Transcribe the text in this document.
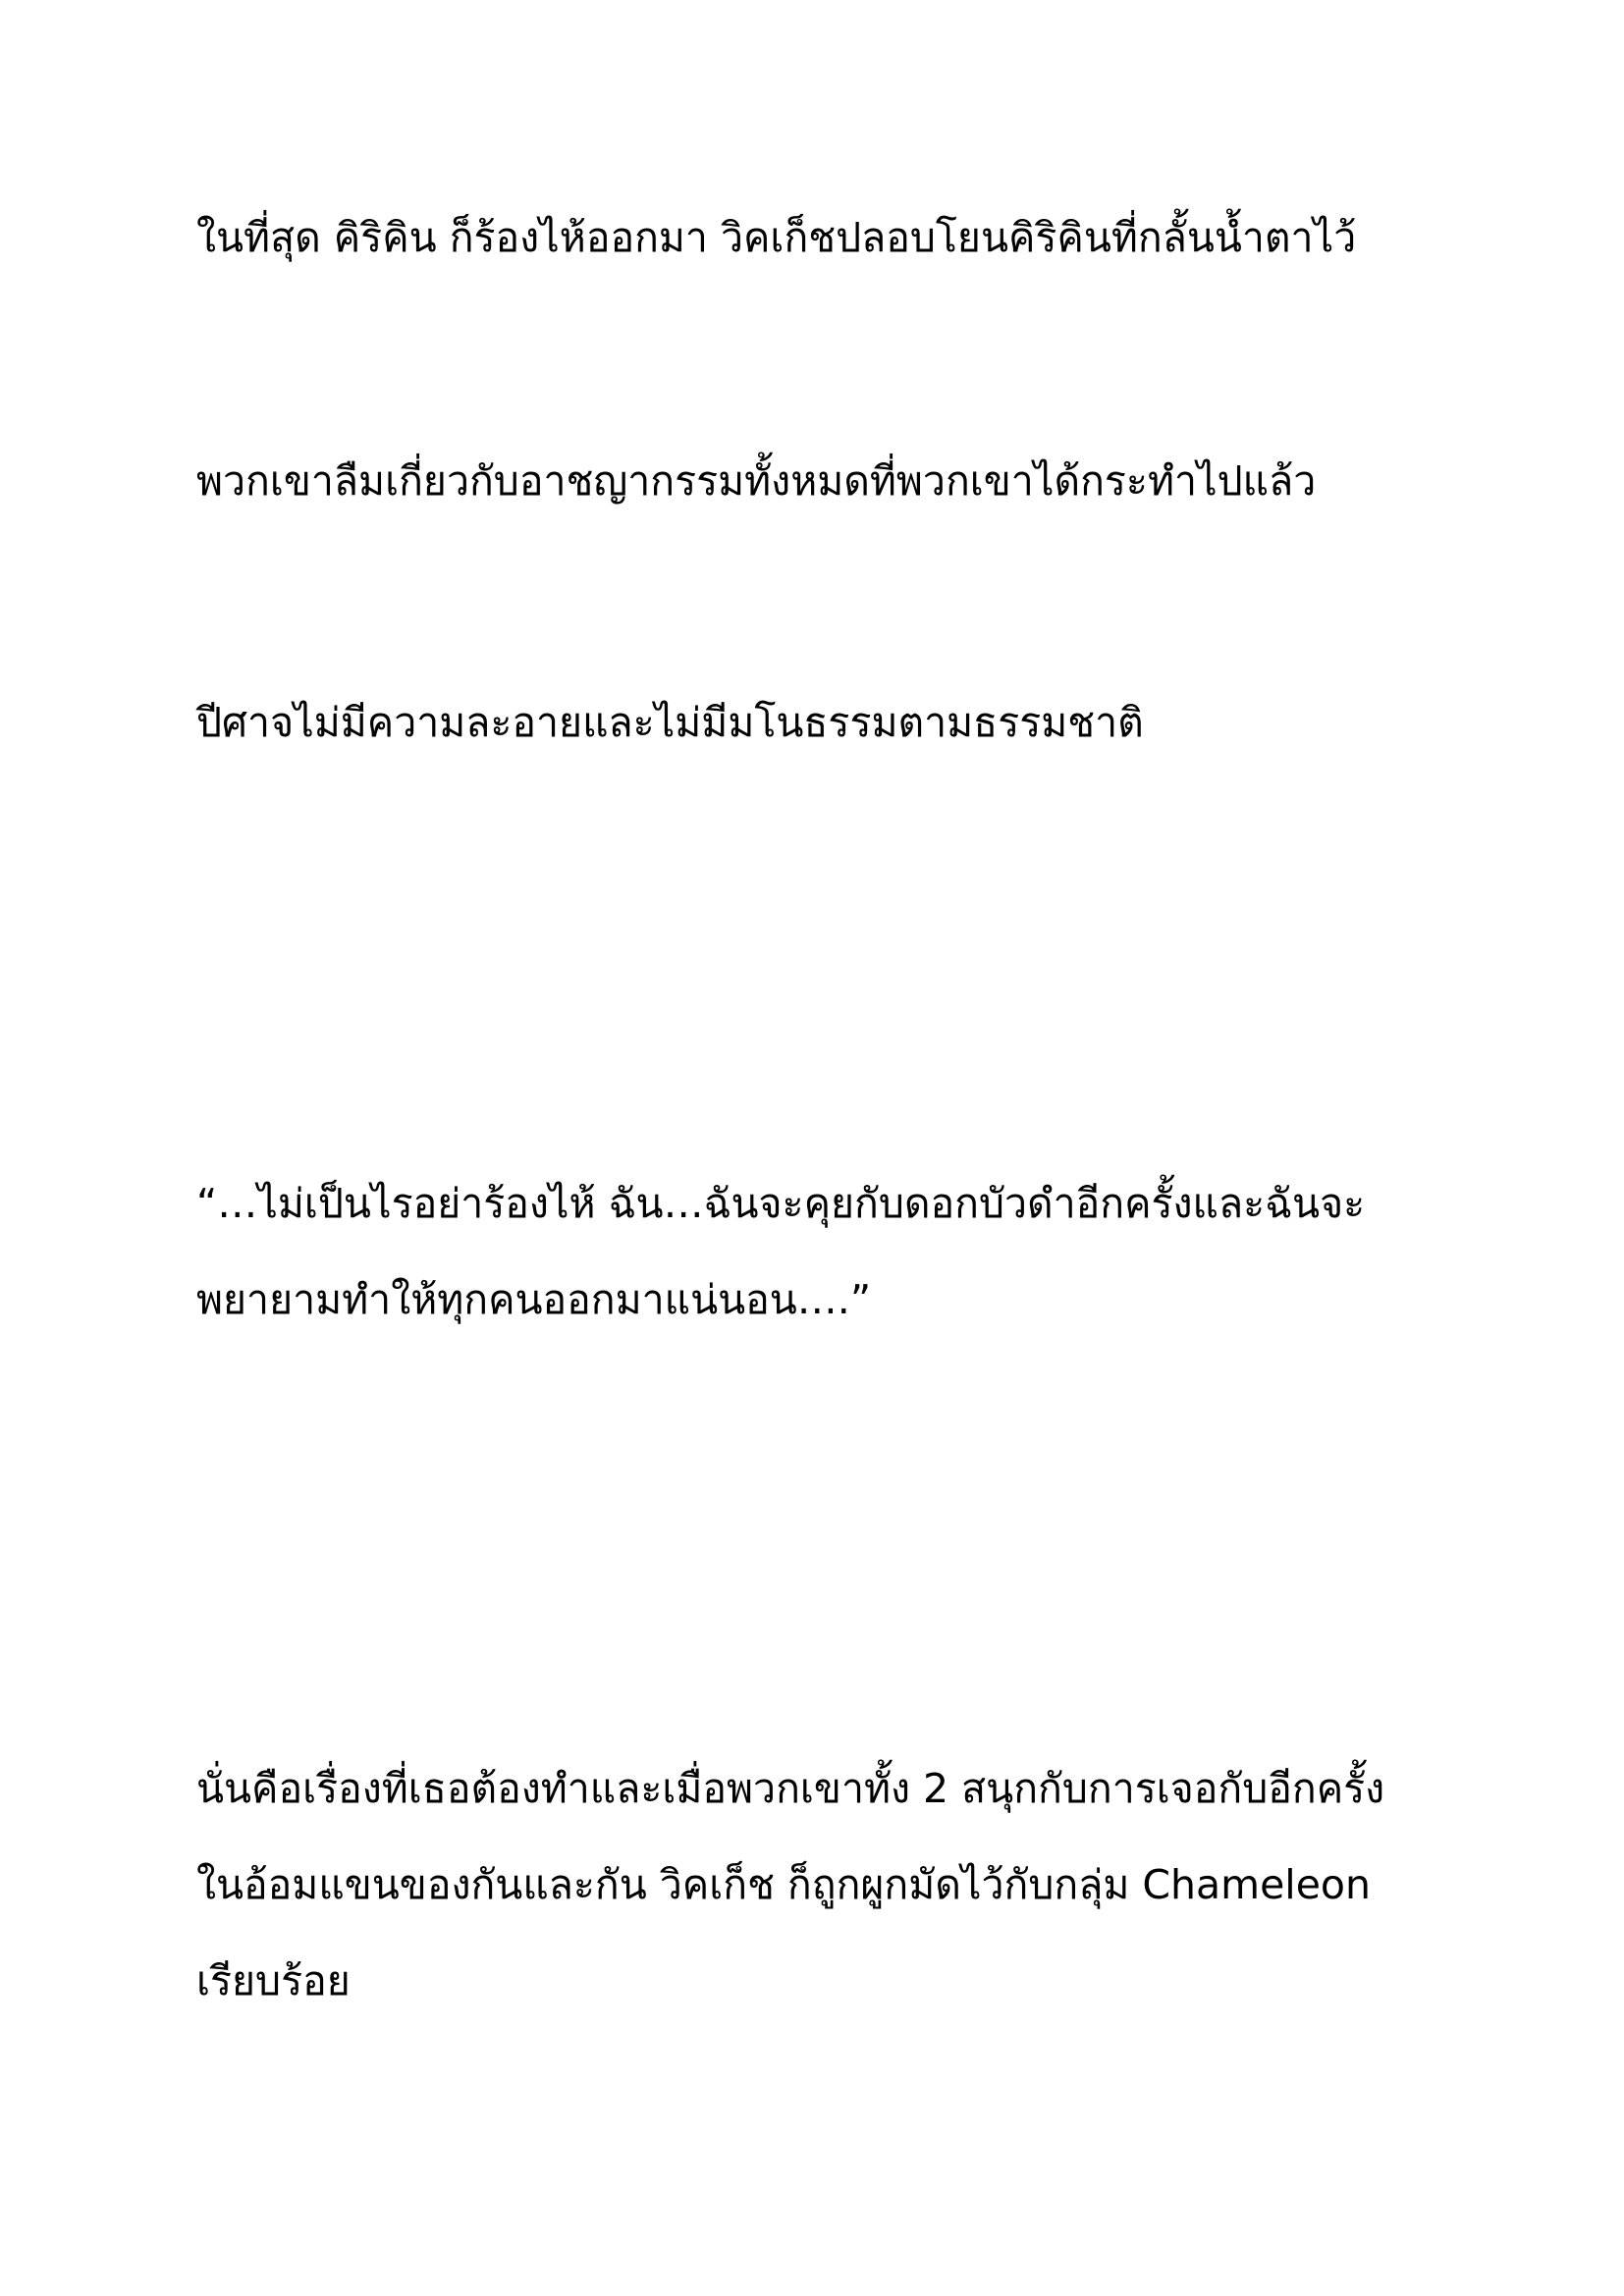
ในที่สุด คิริคิน ก็ร้องไห้ออกมา วิคเก็ชปลอบโยนคิริคินที่กลั้นน้ำตาไว้
พวกเขาลืมเกี่ยวกับอาชญากรรมทั้งหมดที่พวกเขาได้กระทำไปแล้ว
ปีศาจไม่มีความละอายและไม่มีมโนธรรมตามธรรมชาติ
“…ไม่เป็นไรอย่าร้องไห้ ฉัน…ฉันจะคุยกับดอกบัวดำอีกครั้งและฉันจะ
พยายามทำให้ทุกคนออกมาแน่นอน….”
นั่นคือเรื่องที่เธอต้องทำและเมื่อพวกเขาทั้ง 2 สนุกกับการเจอกับอีกครั้ง
ในอ้อมแขนของกันและกัน วิคเก็ช ก็ถูกผูกมัดไว้กับกลุ่ม Chameleon
เรียบร้อย
